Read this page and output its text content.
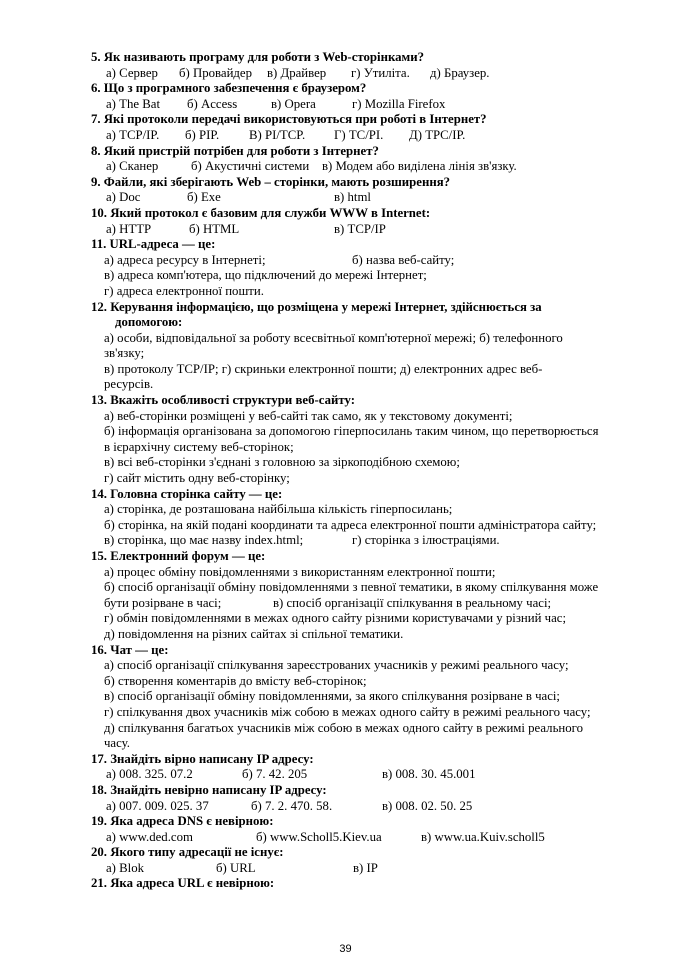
5. Як називають програму для роботи з Web-сторінками?
а) Сервер б) Провайдер в) Драйвер г) Утиліта. д) Браузер.
6. Що з програмного забезпечення є браузером?
а) The Bat б) Access	в) Opera	г) Mozilla Firefox
7. Які протоколи передачі використовуються при роботі в Інтернет?
а) TCP/IP. б) PIP. В) PI/TCP. Г) TC/PI. Д) TPC/IP.
8. Який пристрій потрібен для роботи з Інтернет?
а) Сканер	б) Акустичні системи в) Модем або виділена лінія зв'язку.
9. Файли, які зберігають Web – сторінки, мають розширення?
а) Doc	б) Exe	в) html
10. Який протокол є базовим для служби WWW в Internet:
а) HTTP	б) HTML	в) TCP/IP
11. URL-адреса — це:
а) адреса ресурсу в Інтернеті;	б) назва веб-сайту;
в) адреса комп'ютера, що підключений до мережі Інтернет;
г) адреса електронної пошти.
12. Керування інформацією, що розміщена у мережі Інтернет, здійснюється за
допомогою:
а) особи, відповідальної за роботу всесвітньої комп'ютерної мережі; б) телефонного
зв'язку;
в) протоколу TCP/IP; г) скриньки електронної пошти; д) електронних адрес веб-
ресурсів.
13. Вкажіть особливості структури веб-сайту:
а) веб-сторінки розміщені у веб-сайті так само, як у текстовому документі;
б) інформація організована за допомогою гіперпосилань таким чином, що перетворюється
в ієрархічну систему веб-сторінок;
в) всі веб-сторінки з'єднані з головною за зіркоподібною схемою;
г) сайт містить одну веб-сторінку;
14. Головна сторінка сайту — це:
а) сторінка, де розташована найбільша кількість гіперпосилань;
б) сторінка, на якій подані координати та адреса електронної пошти адміністратора сайту;
в) сторінка, що має назву index.html;	г) сторінка з ілюстраціями.
15. Електронний форум — це:
а) процес обміну повідомленнями з використанням електронної пошти;
б) спосіб організації обміну повідомленнями з певної тематики, в якому спілкування може
бути розірване в часі;	в) спосіб організації спілкування в реальному часі;
г) обмін повідомленнями в межах одного сайту різними користувачами у різний час;
д) повідомлення на різних сайтах зі спільної тематики.
16. Чат — це:
а) спосіб організації спілкування зареєстрованих учасників у режимі реального часу;
б) створення коментарів до вмісту веб-сторінок;
в) спосіб організації обміну повідомленнями, за якого спілкування розірване в часі;
г) спілкування двох учасників між собою в межах одного сайту в режимі реального часу;
д) спілкування багатьох учасників між собою в межах одного сайту в режимі реального
часу.
17. Знайдіть вірно написану IP адресу:
а) 008. 325. 07.2	б) 7. 42. 205	в) 008. 30. 45.001
18. Знайдіть невірно написану IP адресу:
а) 007. 009. 025. 37	б) 7. 2. 470. 58.	в) 008. 02. 50. 25
19. Яка адреса DNS є невірною:
а) www.ded.com	б) www.Scholl5.Kiev.ua	в) www.ua.Kuiv.scholl5
20. Якого типу адресації не існує:
а) Blok	б) URL	в) IP
21. Яка адреса URL є невірною:
39
